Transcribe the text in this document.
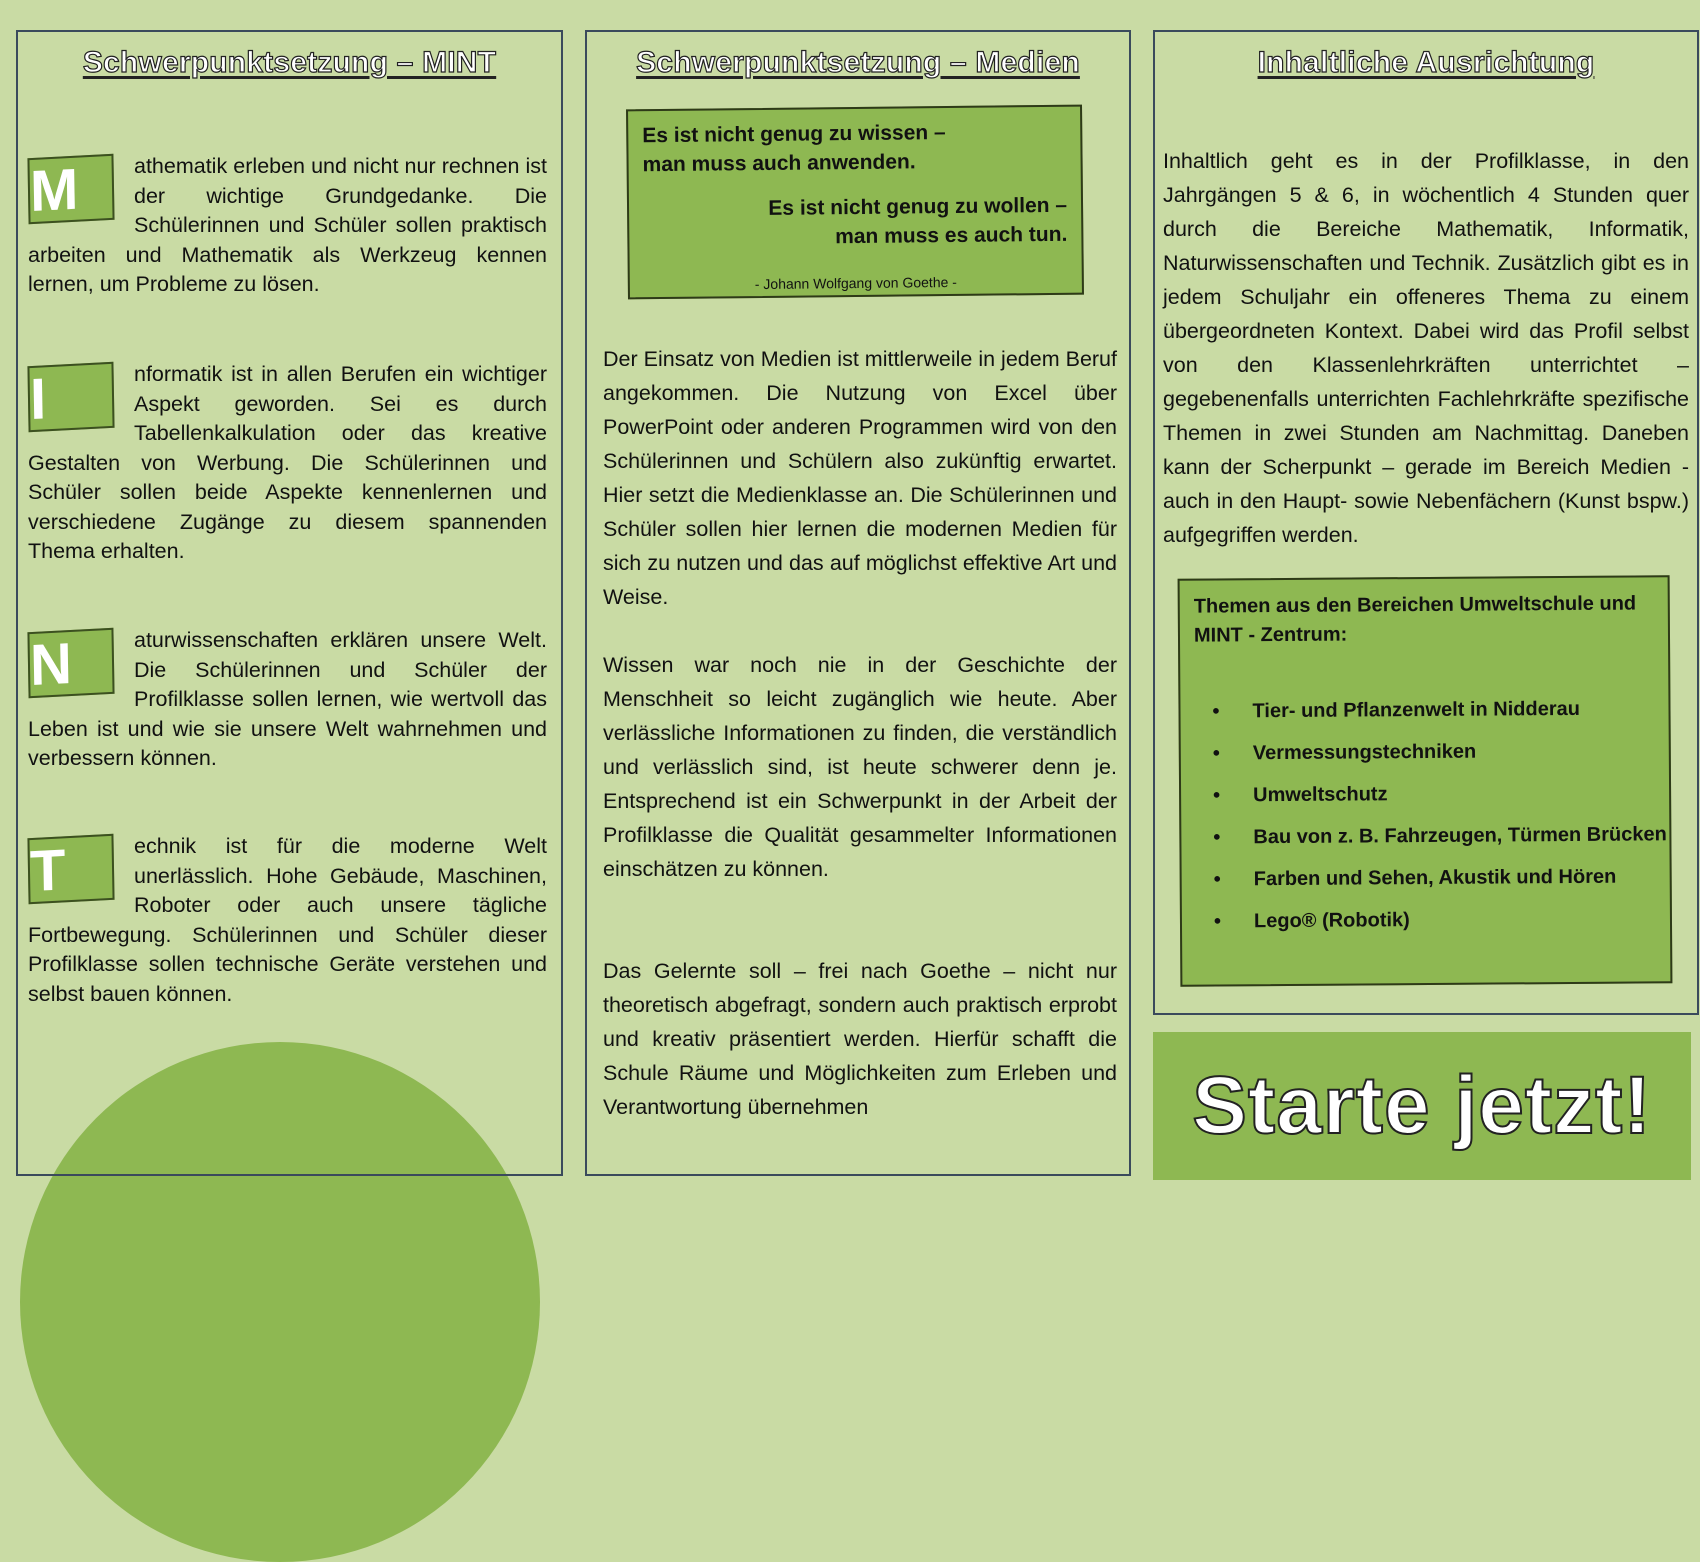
Schwerpunktsetzung – MINT
M	athematik erleben und nicht nur rechnen ist der wichtige Grundgedanke. Die Schülerinnen und Schüler sollen praktisch arbeiten und Mathematik als Werkzeug kennen lernen, um Probleme zu lösen.

I	nformatik ist in allen Berufen ein wichtiger Aspekt geworden. Sei es durch Tabellenkalkulation oder das kreative Gestalten von Werbung. Die Schülerinnen und Schüler sollen beide Aspekte kennenlernen und verschiedene Zugänge zu diesem spannenden Thema erhalten.

N	aturwissenschaften erklären unsere Welt. Die Schülerinnen und Schüler der Profilklasse sollen lernen, wie wertvoll das Leben ist und wie sie unsere Welt wahrnehmen und verbessern können.

T	echnik ist für die moderne Welt unerlässlich. Hohe Gebäude, Maschinen, Roboter oder auch unsere tägliche Fortbewegung. Schülerinnen und Schüler dieser Profilklasse sollen technische Geräte verstehen und selbst bauen können.

Schwerpunktsetzung – Medien
Es ist nicht genug zu wissen –
man muss auch anwenden.
Es ist nicht genug zu wollen –
man muss es auch tun.
- Johann Wolfgang von Goethe -

Der Einsatz von Medien ist mittlerweile in jedem Beruf angekommen. Die Nutzung von Excel über PowerPoint oder anderen Programmen wird von den Schülerinnen und Schülern also zukünftig erwartet. Hier setzt die Medienklasse an. Die Schülerinnen und Schüler sollen hier lernen die modernen Medien für sich zu nutzen und das auf möglichst effektive Art und Weise.

Wissen war noch nie in der Geschichte der Menschheit so leicht zugänglich wie heute. Aber verlässliche Informationen zu finden, die verständlich und verlässlich sind, ist heute schwerer denn je. Entsprechend ist ein Schwerpunkt in der Arbeit der Profilklasse die Qualität gesammelter Informationen einschätzen zu können.

Das Gelernte soll – frei nach Goethe – nicht nur theoretisch abgefragt, sondern auch praktisch erprobt und kreativ präsentiert werden. Hierfür schafft die Schule Räume und Möglichkeiten zum Erleben und Verantwortung übernehmen

Inhaltliche Ausrichtung

Inhaltlich geht es in der Profilklasse, in den Jahrgängen 5 & 6, in wöchentlich 4 Stunden quer durch die Bereiche Mathematik, Informatik, Naturwissenschaften und Technik. Zusätzlich gibt es in jedem Schuljahr ein offeneres Thema zu einem übergeordneten Kontext. Dabei wird das Profil selbst von den Klassenlehrkräften unterrichtet – gegebenenfalls unterrichten Fachlehrkräfte spezifische Themen in zwei Stunden am Nachmittag. Daneben kann der Scherpunkt – gerade im Bereich Medien - auch in den Haupt- sowie Nebenfächern (Kunst bspw.) aufgegriffen werden.

Themen aus den Bereichen Umweltschule und MINT - Zentrum:
• Tier- und Pflanzenwelt in Nidderau
• Vermessungstechniken
• Umweltschutz
• Bau von z. B. Fahrzeugen, Türmen Brücken
• Farben und Sehen, Akustik und Hören
• Lego® (Robotik)
Starte jetzt!
